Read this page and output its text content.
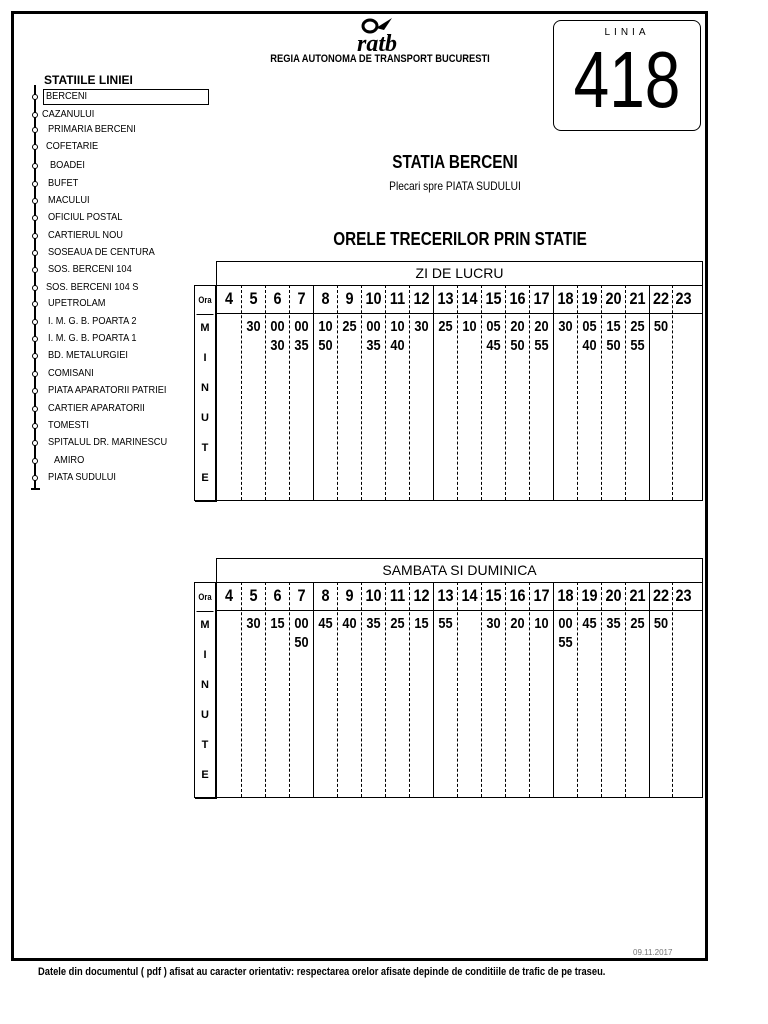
ratb
REGIA AUTONOMA DE TRANSPORT BUCURESTI
LINIA
418
STATIILE LINIEI
BERCENI
CAZANULUI
PRIMARIA BERCENI
COFETARIE
BOADEI
BUFET
MACULUI
OFICIUL POSTAL
CARTIERUL NOU
SOSEAUA DE CENTURA
SOS. BERCENI 104
SOS. BERCENI 104 S
UPETROLAM
I. M. G. B. POARTA 2
I. M. G. B. POARTA 1
BD. METALURGIEI
COMISANI
PIATA APARATORII PATRIEI
CARTIER APARATORII
TOMESTI
SPITALUL DR. MARINESCU
AMIRO
PIATA SUDULUI
STATIA BERCENI
Plecari spre PIATA SUDULUI
ORELE TRECERILOR PRIN STATIE
ZI DE LUCRU
Ora
M
I
N
U
T
E
4 5
30
6
00
30
7
00
35
8
10
50
9
25
10
00
35
11
10
40
12
30
13
25
14
10
15
05
45
16
20
50
17
20
55
18
30
19
05
40
20
15
50
21
25
55
22
50
23
SAMBATA SI DUMINICA
Ora
M
I
N
U
T
E
4 5
30
6
15
7
00
50
8
45
9
40
10
35
11
25
12
15
13
55
14 15
30
16
20
17
10
18
00
55
19
45
20
35
21
25
22
50
23
09.11.2017
Datele din documentul ( pdf ) afisat au caracter orientativ: respectarea orelor afisate depinde de conditiile de trafic de pe traseu.
